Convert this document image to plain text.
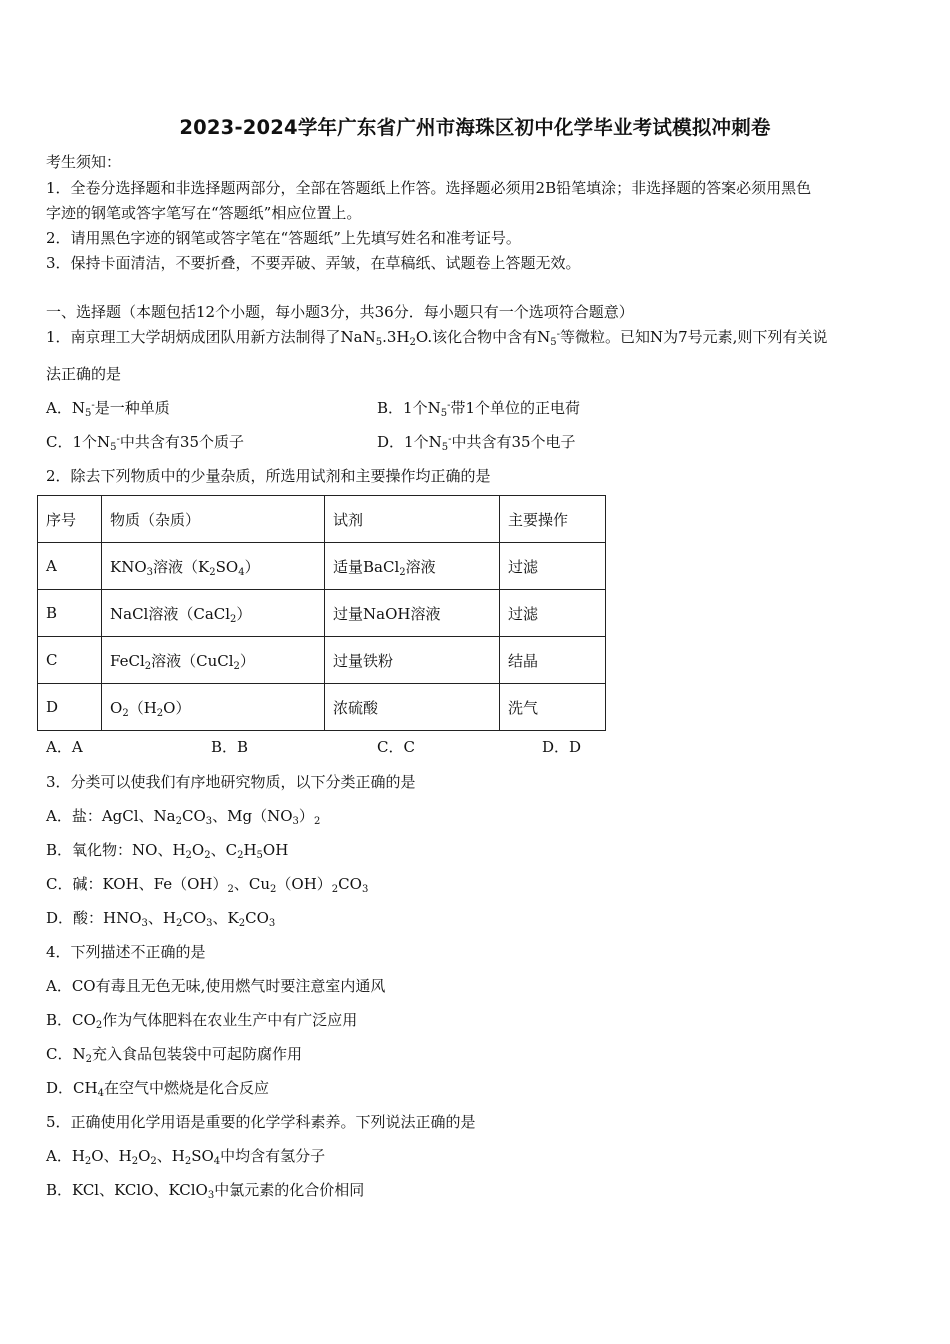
2023-2024学年广东省广州市海珠区初中化学毕业考试模拟冲刺卷
考生须知：
1．全卷分选择题和非选择题两部分，全部在答题纸上作答。选择题必须用2B铅笔填涂；非选择题的答案必须用黑色
字迹的钢笔或答字笔写在“答题纸”相应位置上。
2．请用黑色字迹的钢笔或答字笔在“答题纸”上先填写姓名和准考证号。
3．保持卡面清洁，不要折叠，不要弄破、弄皱，在草稿纸、试题卷上答题无效。
一、选择题（本题包括12个小题，每小题3分，共36分．每小题只有一个选项符合题意）
1．南京理工大学胡炳成团队用新方法制得了$NaN_5.3H_2O$.该化合物中含有$N_5^-$等微粒。已知N为7号元素,则下列有关说
法正确的是
A．$N_5^-$是一种单质	B．1个$N_5^-$带1个单位的正电荷
C．1个$N_5^-$中共含有35个质子	D．1个$N_5^-$中共含有35个电子
2．除去下列物质中的少量杂质，所选用试剂和主要操作均正确的是
序号	物质（杂质）	试剂	主要操作
A	$KNO_3$溶液$(K_2SO_4)$	适量BaCl$_2$溶液	过滤
B	NaCl溶液（CaCl$_2$）	过量NaOH溶液	过滤
C	FeCl$_2$溶液（CuCl$_2$）	过量铁粉	结晶
D	$O_2(H_2O)$	浓硫酸	洗气
A．A	B．B	C．C	D．D
3．分类可以使我们有序地研究物质，以下分类正确的是
A．盐：AgCl、$Na_2CO_3$、$Mg(NO_3)_2$
B．氧化物：NO、$H_2O_2$、$C_2H_5OH$
C．碱：KOH、$Fe(OH)_2$、$Cu_2(OH)_2CO_3$
D．酸：$HNO_3$、$H_2CO_3$、$K_2CO_3$
4．下列描述不正确的是
A．CO有毒且无色无味,使用燃气时要注意室内通风
B．$CO_2$作为气体肥料在农业生产中有广泛应用
C．$N_2$充入食品包装袋中可起防腐作用
D．$CH_4$在空气中燃烧是化合反应
5．正确使用化学用语是重要的化学学科素养。下列说法正确的是
A．$H_2O$、$H_2O_2$、$H_2SO_4$中均含有氢分子
B．KCl、KClO、KClO$_3$中氯元素的化合价相同
